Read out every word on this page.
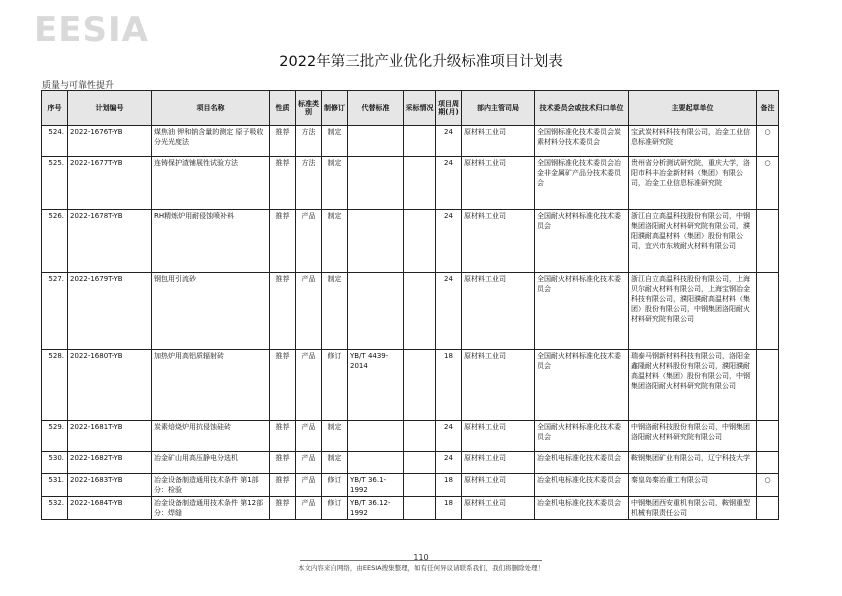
EESIA
2022年第三批产业优化升级标准项目计划表
质量与可靠性提升
序号	计划编号	项目名称	性质	标准类别	制修订	代替标准	采标情况	项目周期(月)	部内主管司局	技术委员会或技术归口单位	主要起草单位	备注
524.	2022-1676T-YB	煤焦油 钾和钠含量的测定 原子吸收分光光度法	推荐	方法	制定			24	原材料工业司	全国钢标准化技术委员会炭素材料分技术委员会	宝武炭材料科技有限公司，冶金工业信息标准研究院	○
525.	2022-1677T-YB	连铸保护渣铺展性试验方法	推荐	方法	制定			24	原材料工业司	全国钢标准化技术委员会冶金非金属矿产品分技术委员会	贵州省分析测试研究院，重庆大学，洛阳市科丰冶金新材料（集团）有限公司，冶金工业信息标准研究院	○
526.	2022-1678T-YB	RH精炼炉用耐侵蚀喷补料	推荐	产品	制定			24	原材料工业司	全国耐火材料标准化技术委员会	浙江自立高温科技股份有限公司，中钢集团洛阳耐火材料研究院有限公司，濮阳濮耐高温材料（集团）股份有限公司，宜兴市东坡耐火材料有限公司	
527.	2022-1679T-YB	钢包用引流砂	推荐	产品	制定			24	原材料工业司	全国耐火材料标准化技术委员会	浙江自立高温科技股份有限公司，上海贝尔耐火材料有限公司，上海宝钢冶金科技有限公司，濮阳濮耐高温材料（集团）股份有限公司，中钢集团洛阳耐火材料研究院有限公司	
528.	2022-1680T-YB	加热炉用高铝质辐射砖	推荐	产品	修订	YB/T 4439-2014		18	原材料工业司	全国耐火材料标准化技术委员会	瑞泰马钢新材料科技有限公司，洛阳金鑫隆耐火材料股份有限公司，濮阳濮耐高温材料（集团）股份有限公司，中钢集团洛阳耐火材料研究院有限公司	
529.	2022-1681T-YB	炭素焙烧炉用抗侵蚀硅砖	推荐	产品	制定			24	原材料工业司	全国耐火材料标准化技术委员会	中钢洛耐科技股份有限公司，中钢集团洛阳耐火材料研究院有限公司	
530.	2022-1682T-YB	冶金矿山用高压静电分选机	推荐	产品	制定			24	原材料工业司	冶金机电标准化技术委员会	鞍钢集团矿业有限公司，辽宁科技大学	
531.	2022-1683T-YB	冶金设备制造通用技术条件 第1部分：检验	推荐	产品	修订	YB/T 36.1-1992		18	原材料工业司	冶金机电标准化技术委员会	秦皇岛秦冶重工有限公司	○
532.	2022-1684T-YB	冶金设备制造通用技术条件 第12部分：焊缝	推荐	产品	修订	YB/T 36.12-1992		18	原材料工业司	冶金机电标准化技术委员会	中钢集团西安重机有限公司，鞍钢重型机械有限责任公司	
110
本文内容来自网络，由EESIA搜集整理，如有任何异议请联系我们，我们将删除处理！
